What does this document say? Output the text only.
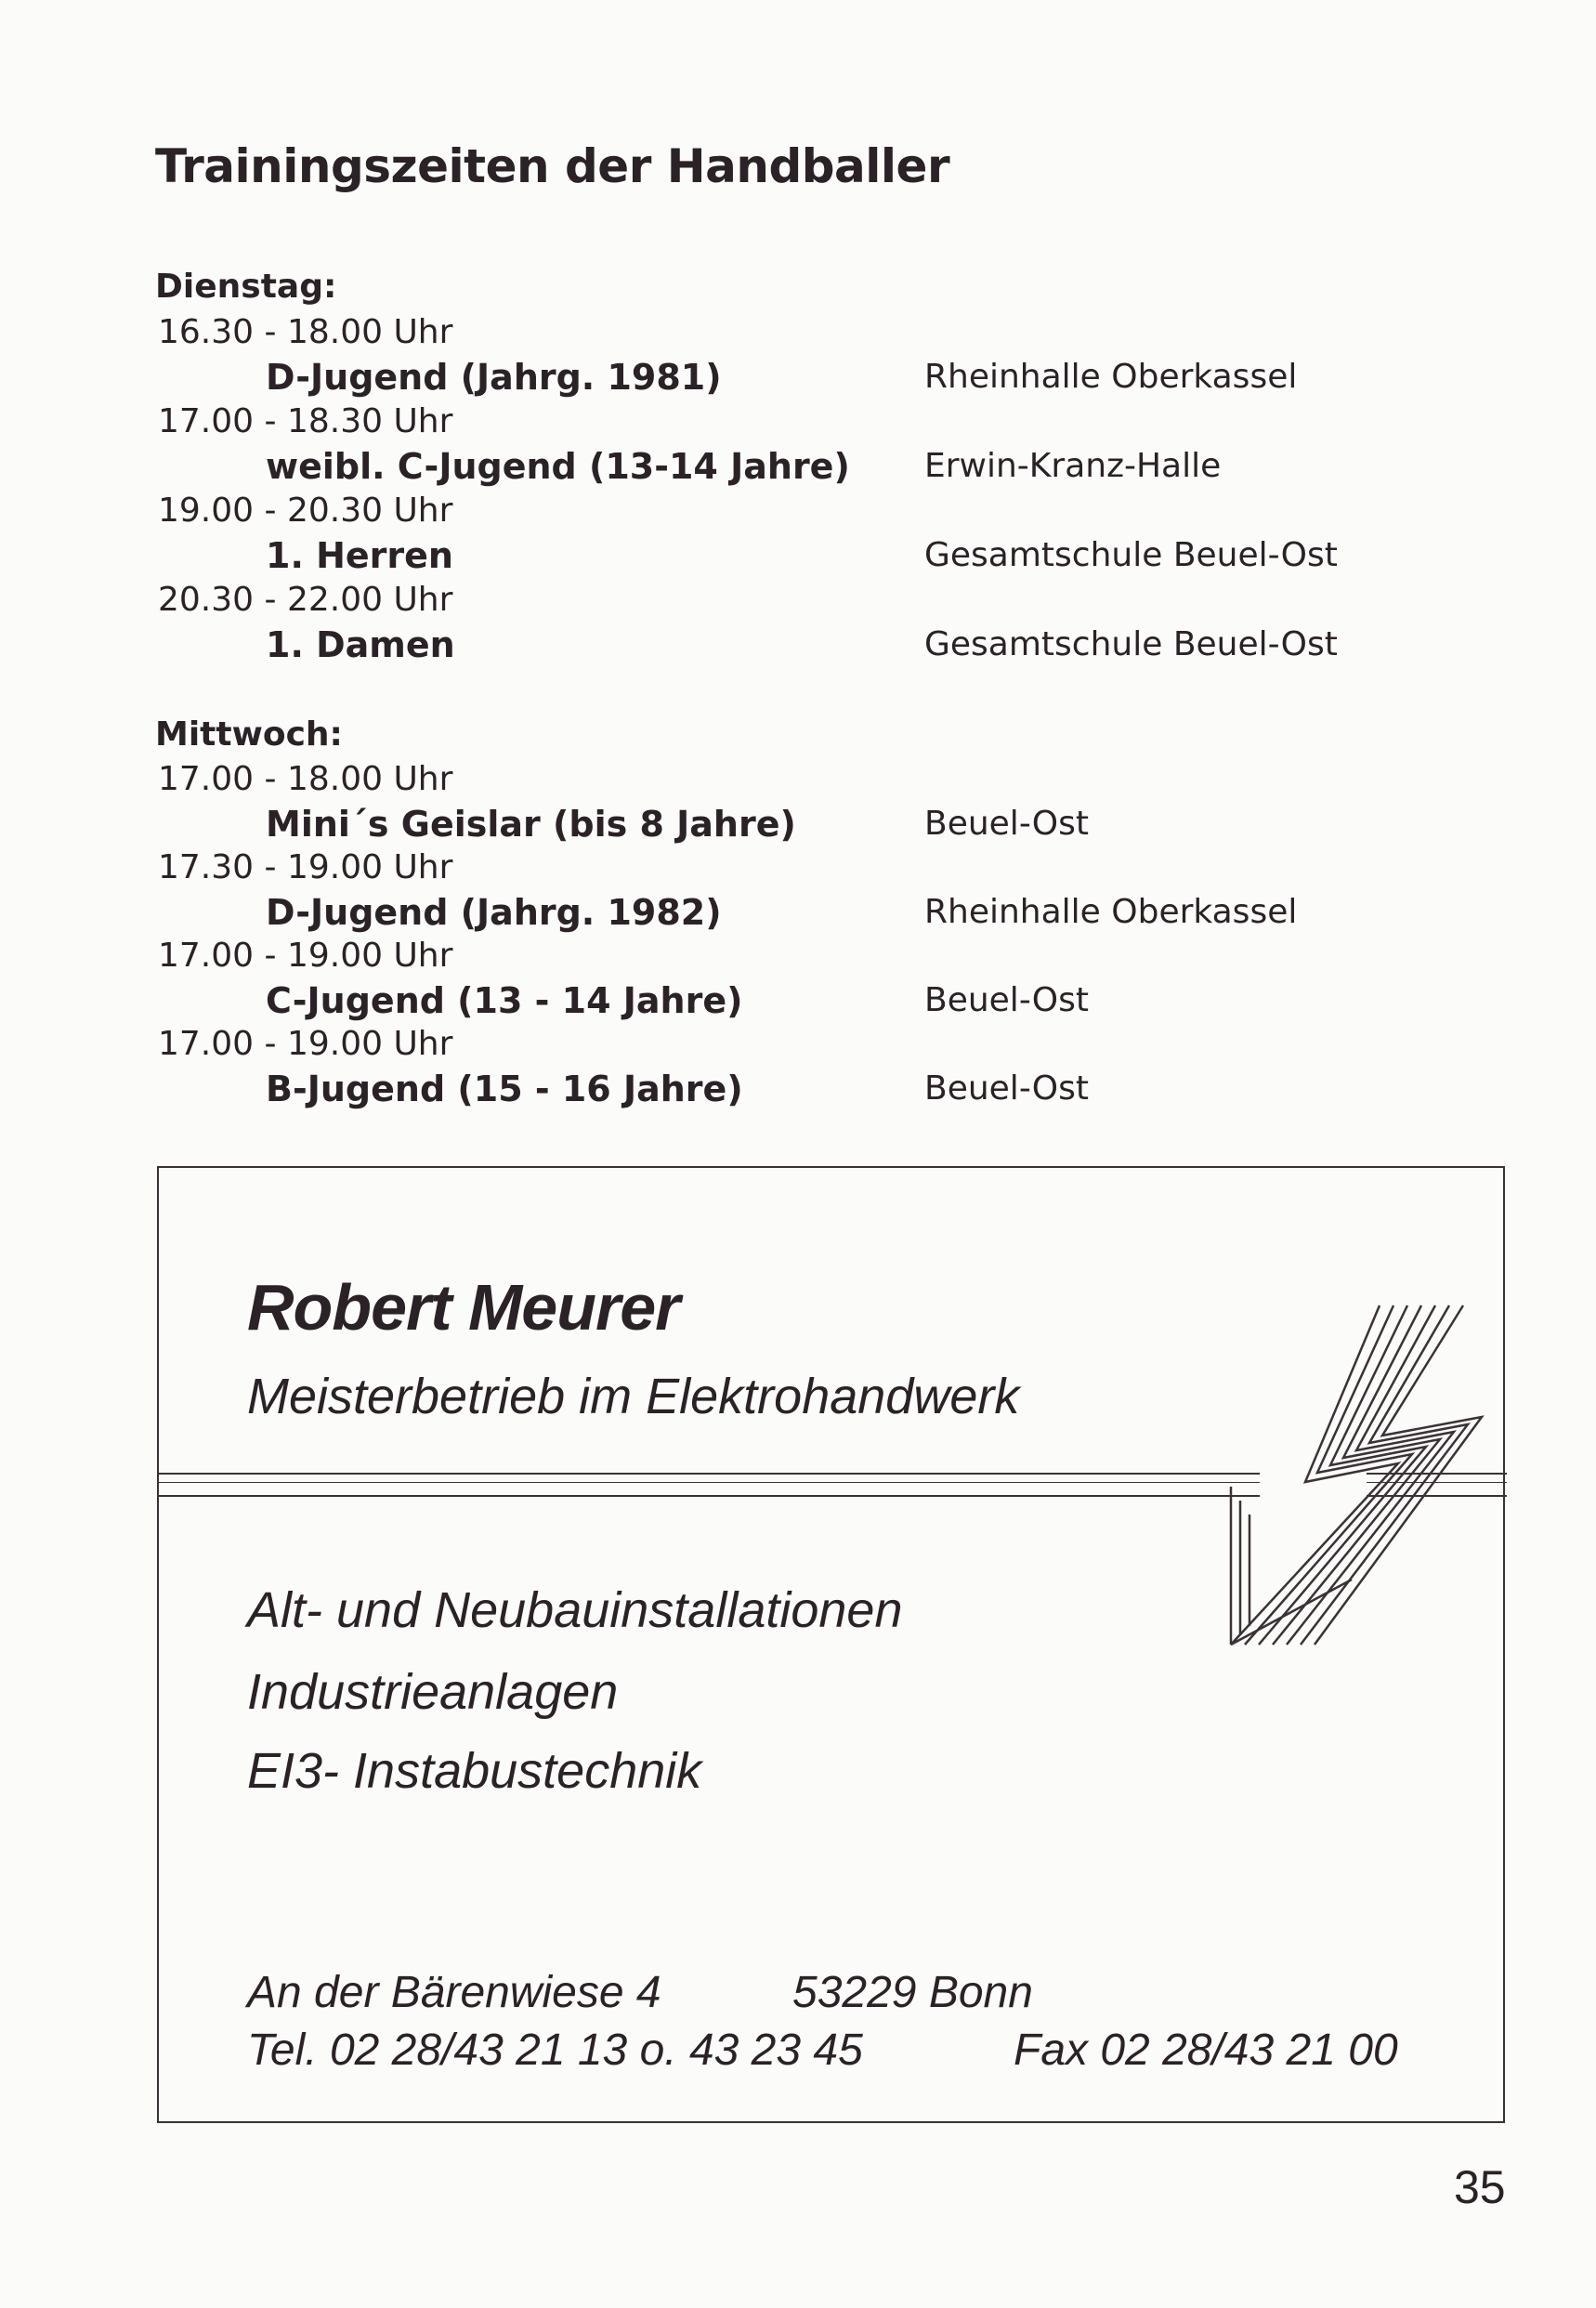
Trainingszeiten der Handballer
Dienstag:
16.30 - 18.00 Uhr
D-Jugend (Jahrg. 1981)	Rheinhalle Oberkassel
17.00 - 18.30 Uhr
weibl. C-Jugend (13-14 Jahre) Erwin-Kranz-Halle
19.00 - 20.30 Uhr
1. Herren	Gesamtschule Beuel-Ost
20.30 - 22.00 Uhr
1. Damen	Gesamtschule Beuel-Ost
Mittwoch:
17.00 - 18.00 Uhr
Mini´s Geislar (bis 8 Jahre)	Beuel-Ost
17.30 - 19.00 Uhr
D-Jugend (Jahrg. 1982)	Rheinhalle Oberkassel
17.00 - 19.00 Uhr
C-Jugend (13 - 14 Jahre)	Beuel-Ost
17.00 - 19.00 Uhr
B-Jugend (15 - 16 Jahre)	Beuel-Ost
Robert Meurer
Meisterbetrieb im Elektrohandwerk
Alt- und Neubauinstallationen
Industrieanlagen
EI3- Instabustechnik
An der Bärenwiese 4	53229 Bonn
Tel. 02 28/43 21 13 o. 43 23 45	Fax 02 28/43 21 00
35
